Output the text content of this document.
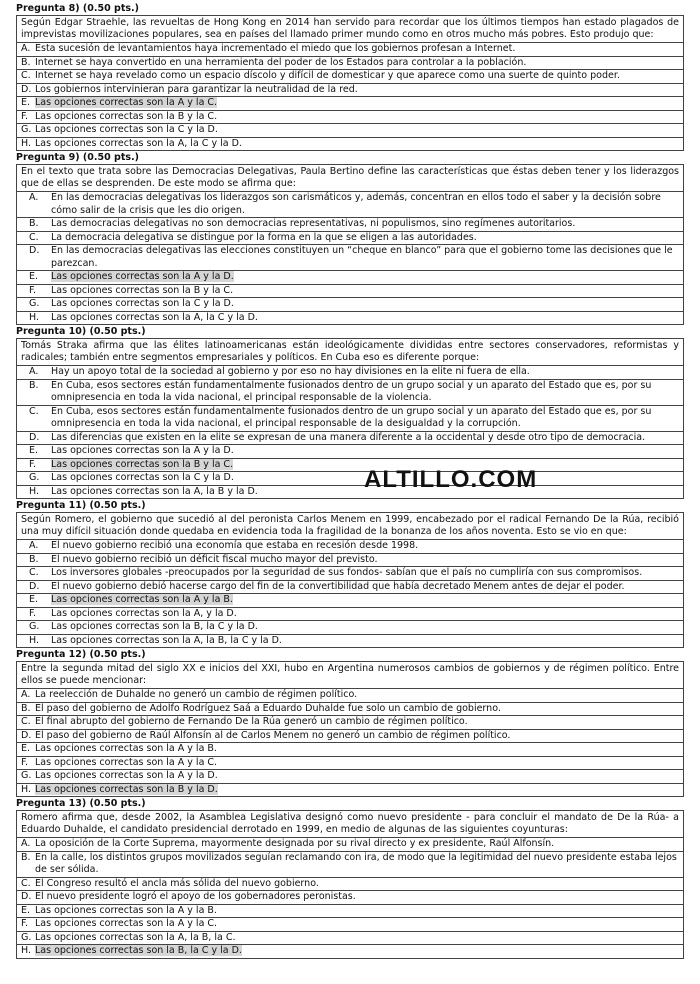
Pregunta 8) (0.50 pts.)
Según Edgar Straehle, las revueltas de Hong Kong en 2014 han servido para recordar que los últimos tiempos han estado plagados de imprevistas movilizaciones populares, sea en países del llamado primer mundo como en otros mucho más pobres. Esto produjo que:
A. Esta sucesión de levantamientos haya incrementado el miedo que los gobiernos profesan a Internet.
B. Internet se haya convertido en una herramienta del poder de los Estados para controlar a la población.
C. Internet se haya revelado como un espacio díscolo y difícil de domesticar y que aparece como una suerte de quinto poder.
D. Los gobiernos intervinieran para garantizar la neutralidad de la red.
E. Las opciones correctas son la A y la C.
F. Las opciones correctas son la B y la C.
G. Las opciones correctas son la C y la D.
H. Las opciones correctas son la A, la C y la D.
Pregunta 9) (0.50 pts.)
En el texto que trata sobre las Democracias Delegativas, Paula Bertino define las características que éstas deben tener y los liderazgos que de ellas se desprenden. De este modo se afirma que:
A.	En las democracias delegativas los liderazgos son carismáticos y, además, concentran en ellos todo el saber y la decisión sobre cómo salir de la crisis que les dio origen.
B.	Las democracias delegativas no son democracias representativas, ni populismos, sino regímenes autoritarios.
C.	La democracia delegativa se distingue por la forma en la que se eligen a las autoridades.
D.	En las democracias delegativas las elecciones constituyen un “cheque en blanco” para que el gobierno tome las decisiones que le parezcan.
E.	Las opciones correctas son la A y la D.
F.	Las opciones correctas son la B y la C.
G.	Las opciones correctas son la C y la D.
H.	Las opciones correctas son la A, la C y la D.
Pregunta 10) (0.50 pts.)
Tomás Straka afirma que las élites latinoamericanas están ideológicamente divididas entre sectores conservadores, reformistas y radicales; también entre segmentos empresariales y políticos. En Cuba eso es diferente porque:
A.	Hay un apoyo total de la sociedad al gobierno y por eso no hay divisiones en la elite ni fuera de ella.
B.	En Cuba, esos sectores están fundamentalmente fusionados dentro de un grupo social y un aparato del Estado que es, por su omnipresencia en toda la vida nacional, el principal responsable de la violencia.
C.	En Cuba, esos sectores están fundamentalmente fusionados dentro de un grupo social y un aparato del Estado que es, por su omnipresencia en toda la vida nacional, el principal responsable de la desigualdad y la corrupción.
D.	Las diferencias que existen en la elite se expresan de una manera diferente a la occidental y desde otro tipo de democracia.
E.	Las opciones correctas son la A y la D.
F.	Las opciones correctas son la B y la C.
G.	Las opciones correctas son la C y la D.
H.	Las opciones correctas son la A, la B y la D.
Pregunta 11) (0.50 pts.)
Según Romero, el gobierno que sucedió al del peronista Carlos Menem en 1999, encabezado por el radical Fernando De la Rúa, recibió una muy difícil situación donde quedaba en evidencia toda la fragilidad de la bonanza de los años noventa. Esto se vio en que:
A.	El nuevo gobierno recibió una economía que estaba en recesión desde 1998.
B.	El nuevo gobierno recibió un déficit fiscal mucho mayor del previsto.
C.	Los inversores globales -preocupados por la seguridad de sus fondos- sabían que el país no cumpliría con sus compromisos.
D.	El nuevo gobierno debió hacerse cargo del fin de la convertibilidad que había decretado Menem antes de dejar el poder.
E.	Las opciones correctas son la A y la B.
F.	Las opciones correctas son la A, y la D.
G.	Las opciones correctas son la B, la C y la D.
H.	Las opciones correctas son la A, la B, la C y la D.
Pregunta 12) (0.50 pts.)
Entre la segunda mitad del siglo XX e inicios del XXI, hubo en Argentina numerosos cambios de gobiernos y de régimen político. Entre ellos se puede mencionar:
A. La reelección de Duhalde no generó un cambio de régimen político.
B. El paso del gobierno de Adolfo Rodríguez Saá a Eduardo Duhalde fue solo un cambio de gobierno.
C. El final abrupto del gobierno de Fernando De la Rúa generó un cambio de régimen político.
D. El paso del gobierno de Raúl Alfonsín al de Carlos Menem no generó un cambio de régimen político.
E. Las opciones correctas son la A y la B.
F. Las opciones correctas son la A y la C.
G. Las opciones correctas son la A y la D.
H. Las opciones correctas son la B y la D.
Pregunta 13) (0.50 pts.)
Romero afirma que, desde 2002, la Asamblea Legislativa designó como nuevo presidente - para concluir el mandato de De la Rúa- a Eduardo Duhalde, el candidato presidencial derrotado en 1999, en medio de algunas de las siguientes coyunturas:
A. La oposición de la Corte Suprema, mayormente designada por su rival directo y ex presidente, Raúl Alfonsín.
B. En la calle, los distintos grupos movilizados seguían reclamando con ira, de modo que la legitimidad del nuevo presidente estaba lejos de ser sólida.
C. El Congreso resultó el ancla más sólida del nuevo gobierno.
D. El nuevo presidente logró el apoyo de los gobernadores peronistas.
E. Las opciones correctas son la A y la B.
F. Las opciones correctas son la A y la C.
G. Las opciones correctas son la A, la B, la C.
H. Las opciones correctas son la B, la C y la D.
ALTILLO.COM
